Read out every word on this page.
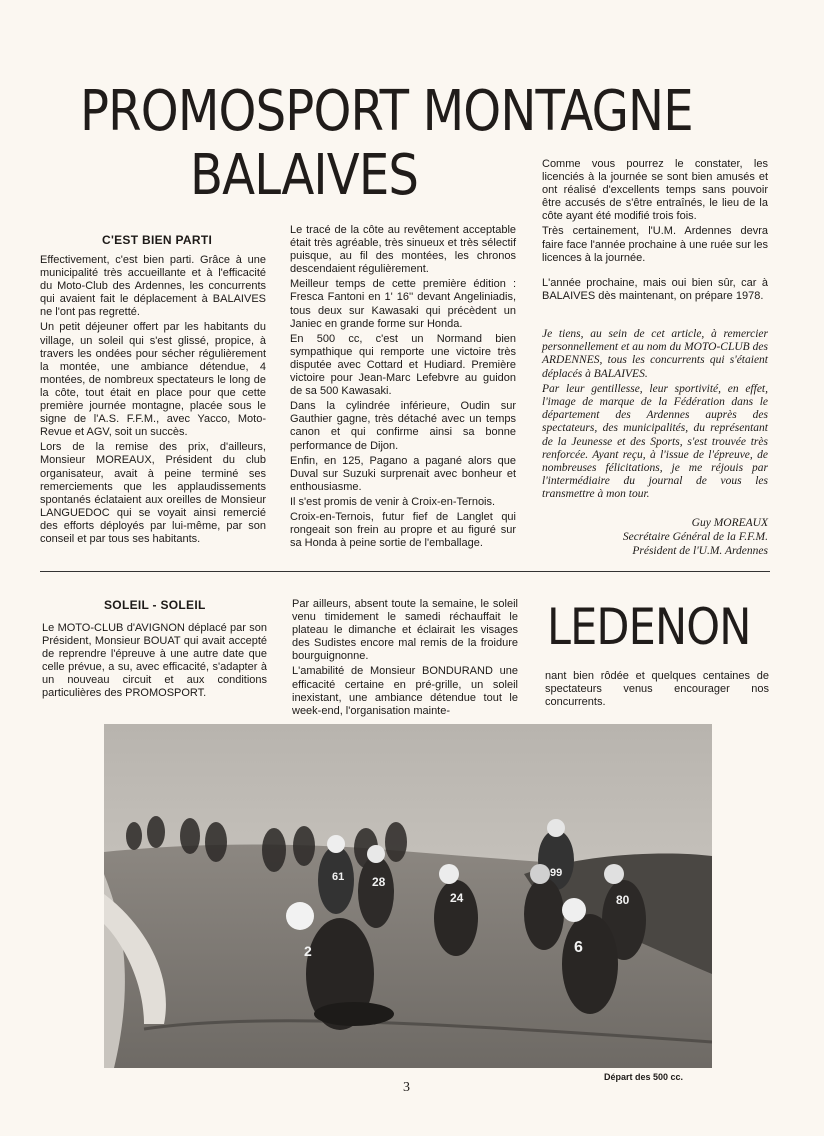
PROMOSPORT MONTAGNE
BALAIVES
C'EST BIEN PARTI

Effectivement, c'est bien parti. Grâce à une municipalité très accueillante et à l'efficacité du Moto-Club des Ardennes, les concurrents qui avaient fait le déplacement à BALAIVES ne l'ont pas regretté.

Un petit déjeuner offert par les habitants du village, un soleil qui s'est glissé, propice, à travers les ondées pour sécher régulièrement la montée, une ambiance détendue, 4 montées, de nombreux spectateurs le long de la côte, tout était en place pour que cette première journée montagne, placée sous le signe de l'A.S. F.F.M., avec Yacco, Moto-Revue et AGV, soit un succès.

Lors de la remise des prix, d'ailleurs, Monsieur MOREAUX, Président du club organisateur, avait à peine terminé ses remerciements que les applaudissements spontanés éclataient aux oreilles de Monsieur LANGUEDOC qui se voyait ainsi remercié des efforts déployés par lui-même, par son conseil et par tous ses habitants.

Le tracé de la côte au revêtement acceptable était très agréable, très sinueux et très sélectif puisque, au fil des montées, les chronos descendaient régulièrement.

Meilleur temps de cette première édition : Fresca Fantoni en 1' 16'' devant Angeliniadis, tous deux sur Kawasaki qui précèdent un Janiec en grande forme sur Honda.

En 500 cc, c'est un Normand bien sympathique qui remporte une victoire très disputée avec Cottard et Hudiard. Première victoire pour Jean-Marc Lefebvre au guidon de sa 500 Kawasaki.

Dans la cylindrée inférieure, Oudin sur Gauthier gagne, très détaché avec un temps canon et qui confirme ainsi sa bonne performance de Dijon.

Enfin, en 125, Pagano a pagané alors que Duval sur Suzuki surprenait avec bonheur et enthousiasme.

Il s'est promis de venir à Croix-en-Ternois.

Croix-en-Ternois, futur fief de Langlet qui rongeait son frein au propre et au figuré sur sa Honda à peine sortie de l'emballage.

Comme vous pourrez le constater, les licenciés à la journée se sont bien amusés et ont réalisé d'excellents temps sans pouvoir être accusés de s'être entraînés, le lieu de la côte ayant été modifié trois fois.

Très certainement, l'U.M. Ardennes devra faire face l'année prochaine à une ruée sur les licences à la journée.

L'année prochaine, mais oui bien sûr, car à BALAIVES dès maintenant, on prépare 1978.

Je tiens, au sein de cet article, à remercier personnellement et au nom du MOTO-CLUB des ARDENNES, tous les concurrents qui s'étaient déplacés à BALAIVES.

Par leur gentillesse, leur sportivité, en effet, l'image de marque de la Fédération dans le département des Ardennes auprès des spectateurs, des municipalités, du représentant de la Jeunesse et des Sports, s'est trouvée très renforcée. Ayant reçu, à l'issue de l'épreuve, de nombreuses félicitations, je me réjouis par l'intermédiaire du journal de vous les transmettre à mon tour.

Guy MOREAUX
Secrétaire Général de la F.F.M.
Président de l'U.M. Ardennes
SOLEIL - SOLEIL

Le MOTO-CLUB d'AVIGNON déplacé par son Président, Monsieur BOUAT qui avait accepté de reprendre l'épreuve à une autre date que celle prévue, a su, avec efficacité, s'adapter à un nouveau circuit et aux conditions particulières des PROMOSPORT.

Par ailleurs, absent toute la semaine, le soleil venu timidement le samedi réchauffait le plateau le dimanche et éclairait les visages des Sudistes encore mal remis de la froidure bourguignonne.

L'amabilité de Monsieur BONDURAND une efficacité certaine en pré-grille, un soleil inexistant, une ambiance détendue tout le week-end, l'organisation mainte-

LEDENON

nant bien rôdée et quelques centaines de spectateurs venus encourager nos concurrents.

2
24
28
61
80
99
6
Départ des 500 cc.
3
